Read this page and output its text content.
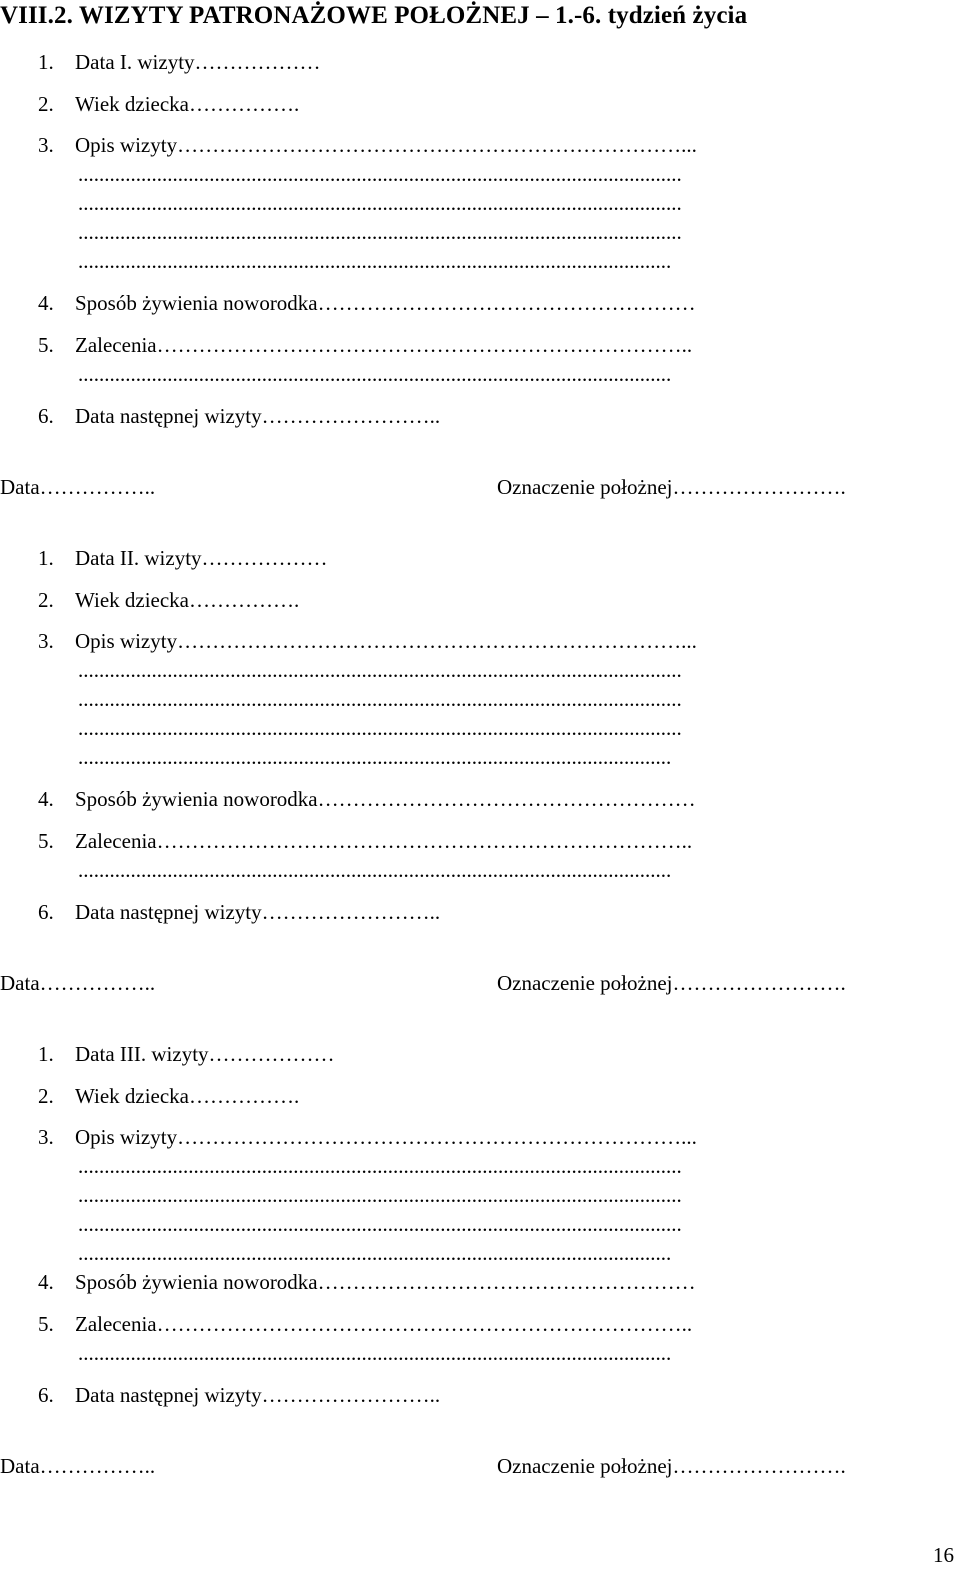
VIII.2. WIZYTY PATRONAŻOWE POŁOŻNEJ – 1.-6. tydzień życia
1. Data I. wizyty………………
2. Wiek dziecka…………….
3. Opis wizyty………………………………………………………………...
...................................................................................................................
...................................................................................................................
...................................................................................................................
.................................................................................................................
4. Sposób żywienia noworodka………………………………………………
5. Zalecenia…………………………………………………………………..
.................................................................................................................
6. Data następnej wizyty……………………..
Data……………..	Oznaczenie położnej…………………….
1. Data II. wizyty………………
2. Wiek dziecka…………….
3. Opis wizyty………………………………………………………………...
...................................................................................................................
...................................................................................................................
...................................................................................................................
.................................................................................................................
4. Sposób żywienia noworodka………………………………………………
5. Zalecenia…………………………………………………………………..
.................................................................................................................
6. Data następnej wizyty……………………..
Data……………..	Oznaczenie położnej…………………….
1. Data III. wizyty………………
2. Wiek dziecka…………….
3. Opis wizyty………………………………………………………………...
...................................................................................................................
...................................................................................................................
...................................................................................................................
.................................................................................................................
4. Sposób żywienia noworodka………………………………………………
5. Zalecenia…………………………………………………………………..
.................................................................................................................
6. Data następnej wizyty……………………..
Data……………..	Oznaczenie położnej…………………….
16
